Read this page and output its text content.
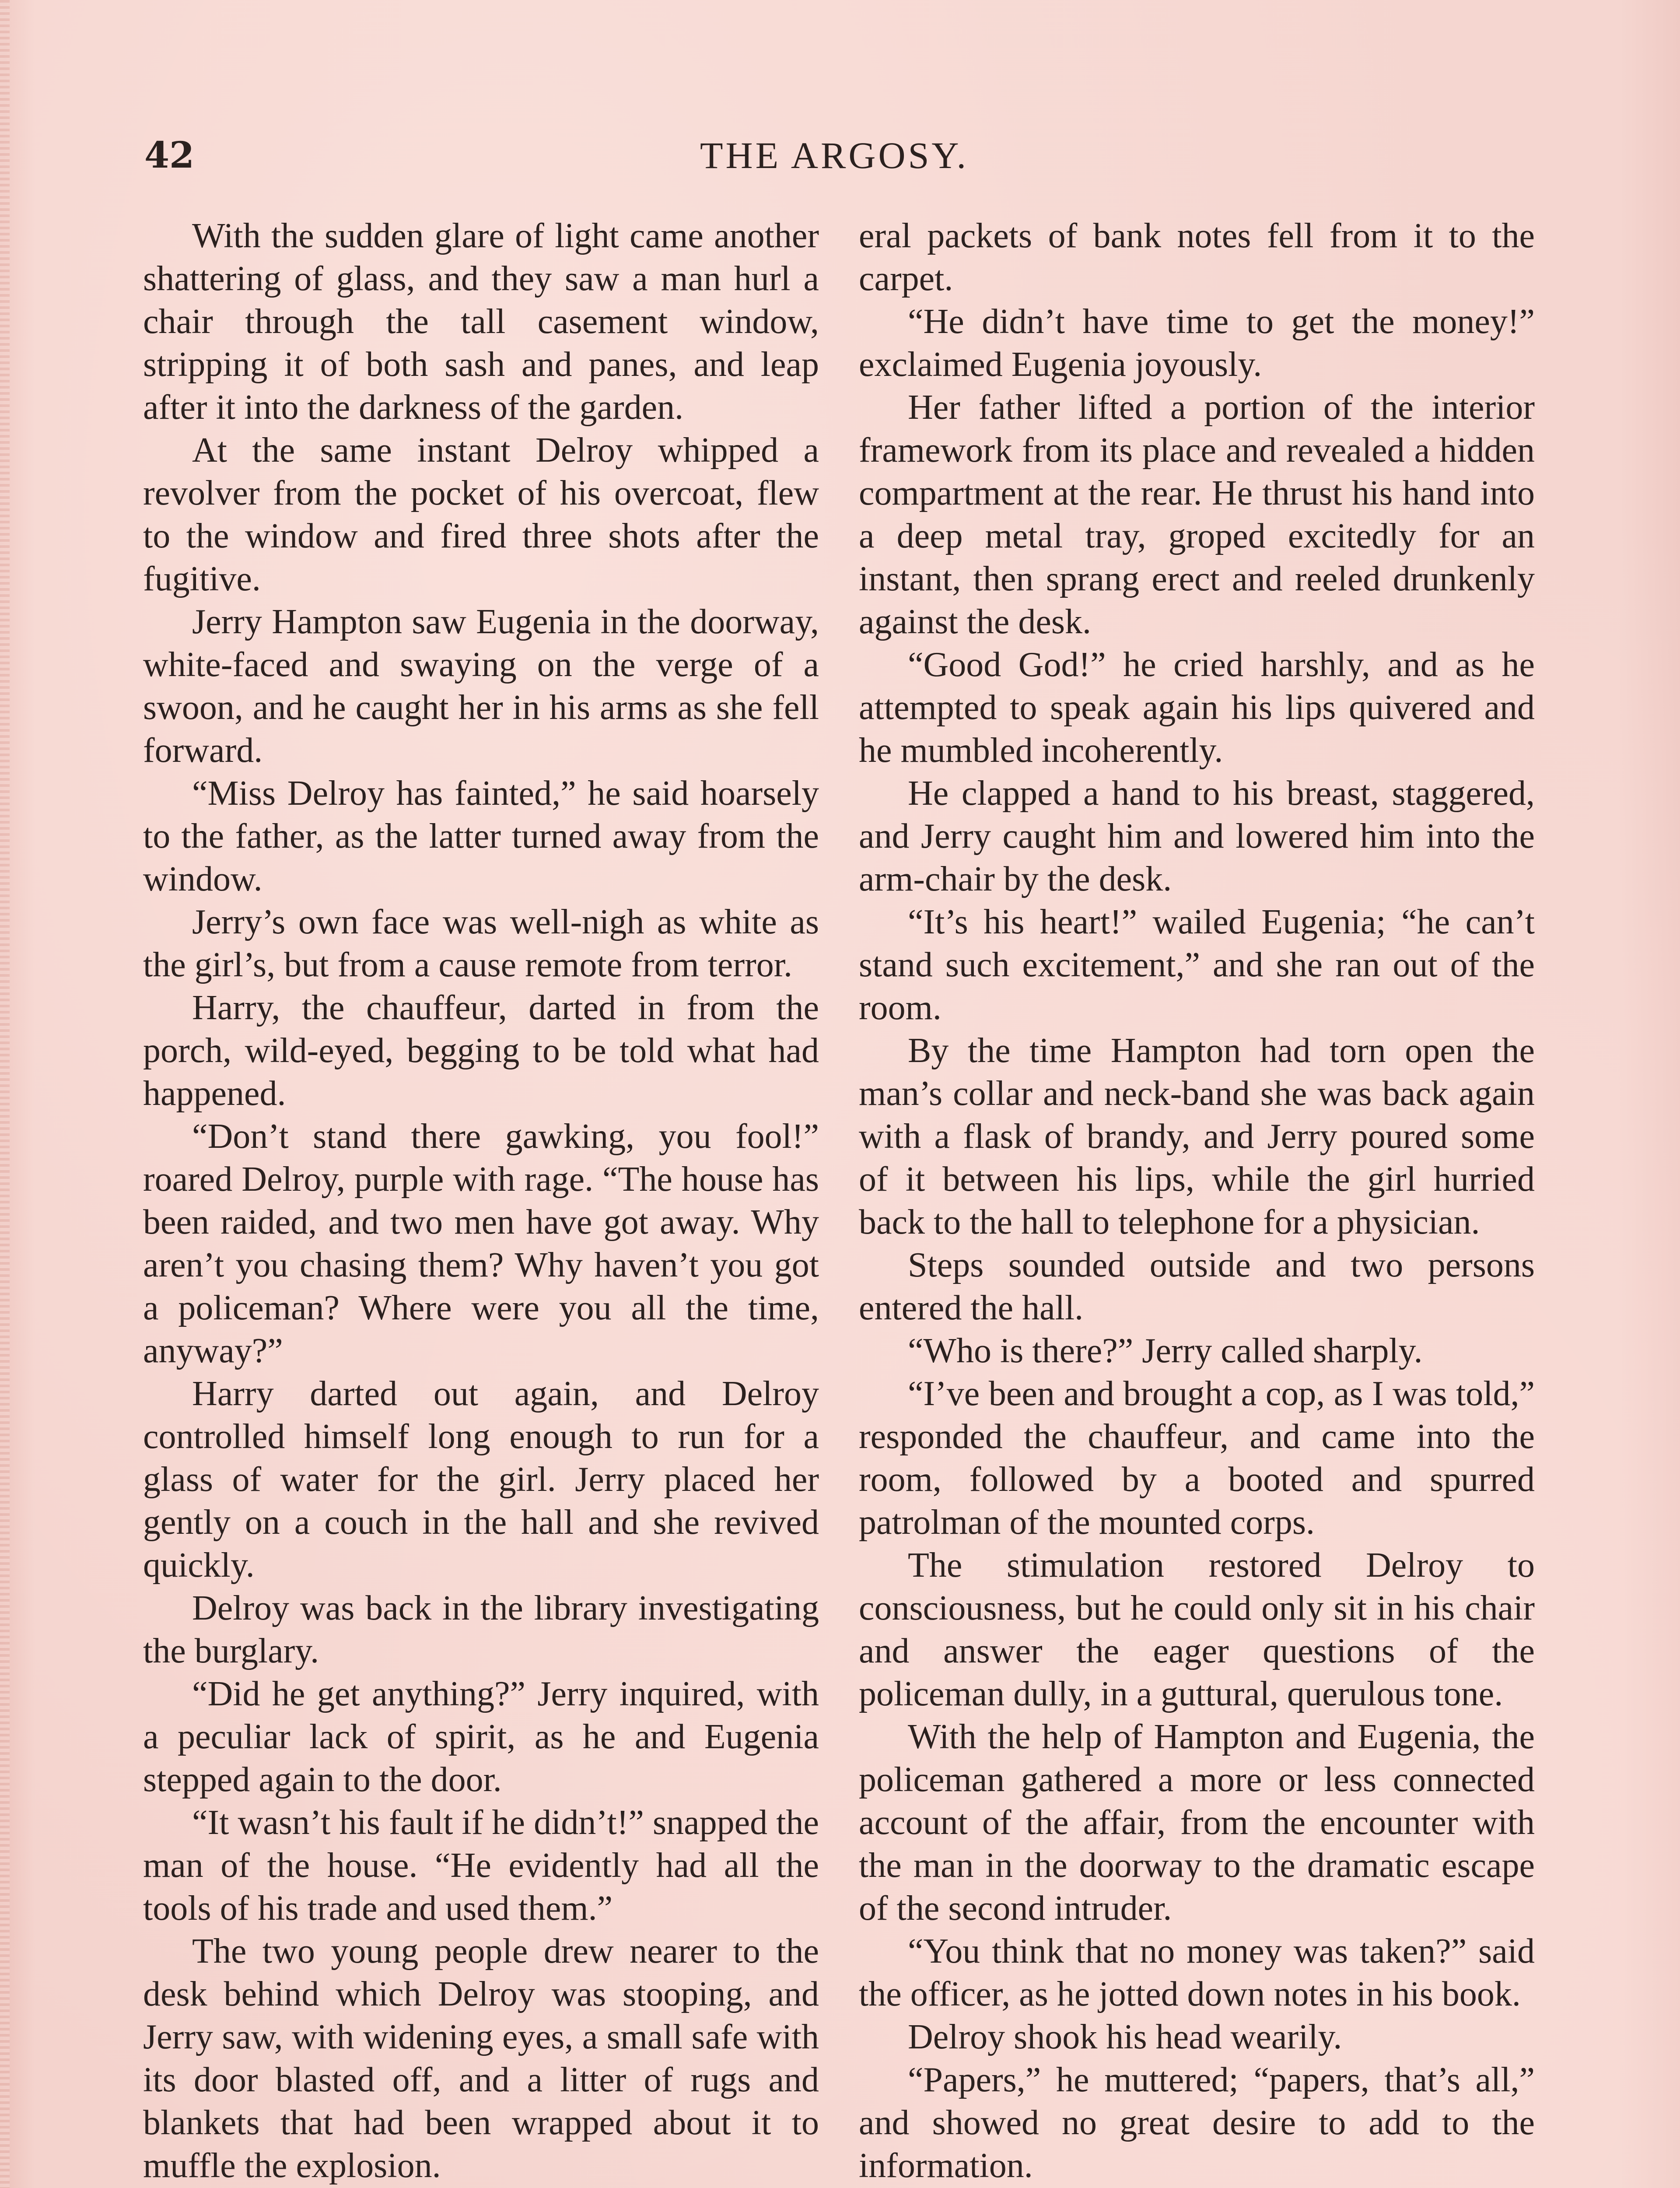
42	THE ARGOSY.

With the sudden glare of light came another shattering of glass, and they saw a man hurl a chair through the tall casement window, stripping it of both sash and panes, and leap after it into the darkness of the garden.

At the same instant Delroy whipped a revolver from the pocket of his overcoat, flew to the window and fired three shots after the fugitive.

Jerry Hampton saw Eugenia in the doorway, white-faced and swaying on the verge of a swoon, and he caught her in his arms as she fell forward.

“Miss Delroy has fainted,” he said hoarsely to the father, as the latter turned away from the window.

Jerry’s own face was well-nigh as white as the girl’s, but from a cause remote from terror.

Harry, the chauffeur, darted in from the porch, wild-eyed, begging to be told what had happened.

“Don’t stand there gawking, you fool!” roared Delroy, purple with rage. “The house has been raided, and two men have got away. Why aren’t you chasing them? Why haven’t you got a policeman? Where were you all the time, anyway?”

Harry darted out again, and Delroy controlled himself long enough to run for a glass of water for the girl. Jerry placed her gently on a couch in the hall and she revived quickly.

Delroy was back in the library investigating the burglary.

“Did he get anything?” Jerry inquired, with a peculiar lack of spirit, as he and Eugenia stepped again to the door.

“It wasn’t his fault if he didn’t!” snapped the man of the house. “He evidently had all the tools of his trade and used them.”

The two young people drew nearer to the desk behind which Delroy was stooping, and Jerry saw, with widening eyes, a small safe with its door blasted off, and a litter of rugs and blankets that had been wrapped about it to muffle the explosion.

eral packets of bank notes fell from it to the carpet.

“He didn’t have time to get the money!” exclaimed Eugenia joyously.

Her father lifted a portion of the interior framework from its place and revealed a hidden compartment at the rear. He thrust his hand into a deep metal tray, groped excitedly for an instant, then sprang erect and reeled drunkenly against the desk.

“Good God!” he cried harshly, and as he attempted to speak again his lips quivered and he mumbled incoherently.

He clapped a hand to his breast, staggered, and Jerry caught him and lowered him into the arm-chair by the desk.

“It’s his heart!” wailed Eugenia; “he can’t stand such excitement,” and she ran out of the room.

By the time Hampton had torn open the man’s collar and neck-band she was back again with a flask of brandy, and Jerry poured some of it between his lips, while the girl hurried back to the hall to telephone for a physician.

Steps sounded outside and two persons entered the hall.

“Who is there?” Jerry called sharply.

“I’ve been and brought a cop, as I was told,” responded the chauffeur, and came into the room, followed by a booted and spurred patrolman of the mounted corps.

The stimulation restored Delroy to consciousness, but he could only sit in his chair and answer the eager questions of the policeman dully, in a guttural, querulous tone.

With the help of Hampton and Eugenia, the policeman gathered a more or less connected account of the affair, from the encounter with the man in the doorway to the dramatic escape of the second intruder.

“You think that no money was taken?” said the officer, as he jotted down notes in his book.

Delroy shook his head wearily.

“Papers,” he muttered; “papers, that’s all,” and showed no great desire to add to the information.
